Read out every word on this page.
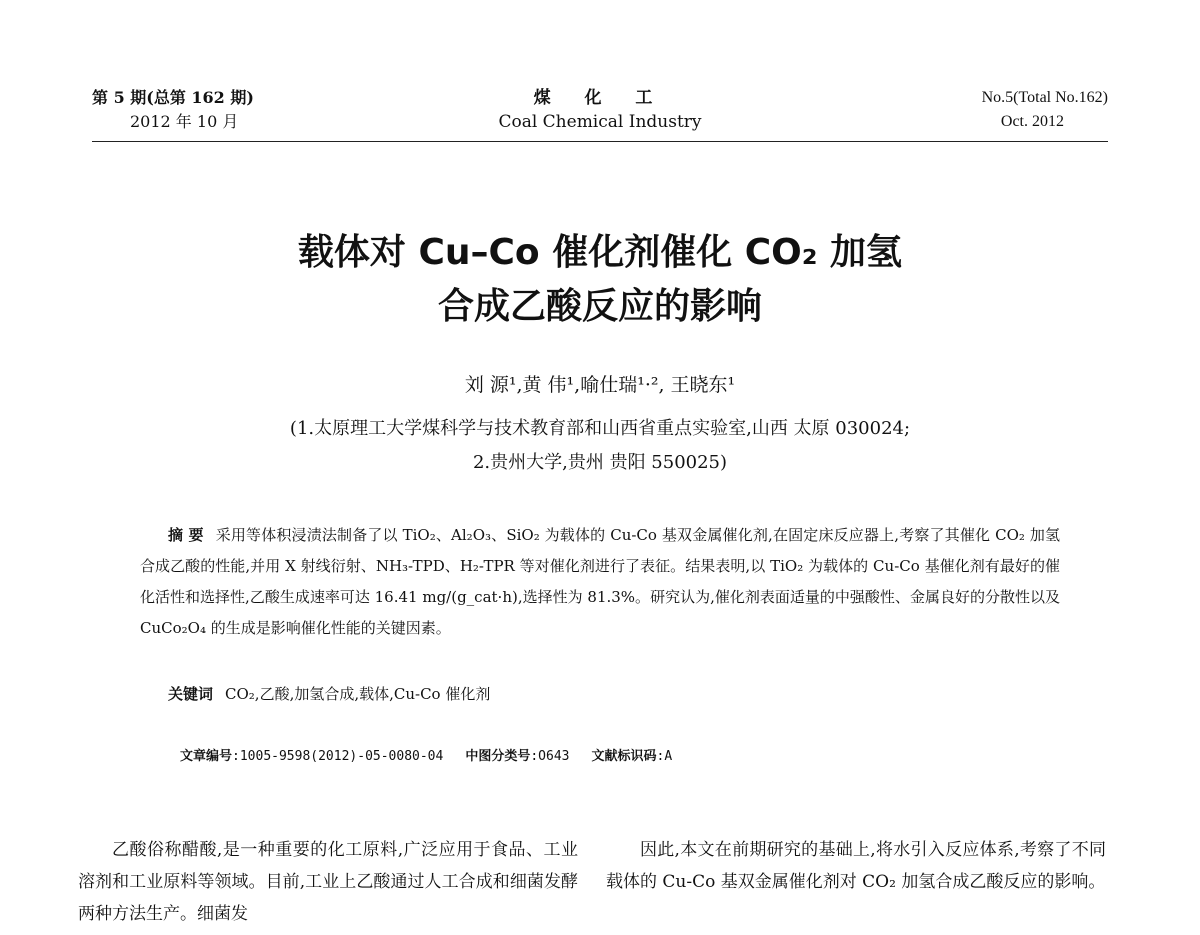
第 5 期(总第 162 期)
2012 年 10 月
煤 化 工
Coal Chemical Industry
No.5(Total No.162)
Oct. 2012
载体对 Cu–Co 催化剂催化 CO₂ 加氢
合成乙酸反应的影响
刘 源¹,黄 伟¹,喻仕瑞¹·², 王晓东¹
(1.太原理工大学煤科学与技术教育部和山西省重点实验室,山西 太原 030024;
2.贵州大学,贵州 贵阳 550025)
摘 要 采用等体积浸渍法制备了以 TiO₂、Al₂O₃、SiO₂ 为载体的 Cu-Co 基双金属催化剂,在固定床反应器上,考察了其催化 CO₂ 加氢合成乙酸的性能,并用 X 射线衍射、NH₃-TPD、H₂-TPR 等对催化剂进行了表征。结果表明,以 TiO₂ 为载体的 Cu-Co 基催化剂有最好的催化活性和选择性,乙酸生成速率可达 16.41 mg/(g_cat·h),选择性为 81.3%。研究认为,催化剂表面适量的中强酸性、金属良好的分散性以及 CuCo₂O₄ 的生成是影响催化性能的关键因素。
关键词 CO₂,乙酸,加氢合成,载体,Cu-Co 催化剂
文章编号:1005-9598(2012)-05-0080-04 中图分类号:O643 文献标识码:A

乙酸俗称醋酸,是一种重要的化工原料,广泛应用于食品、工业溶剂和工业原料等领域。目前,工业上乙酸通过人工合成和细菌发酵两种方法生产。细菌发

因此,本文在前期研究的基础上,将水引入反应体系,考察了不同载体的 Cu-Co 基双金属催化剂对 CO₂ 加氢合成乙酸反应的影响。
